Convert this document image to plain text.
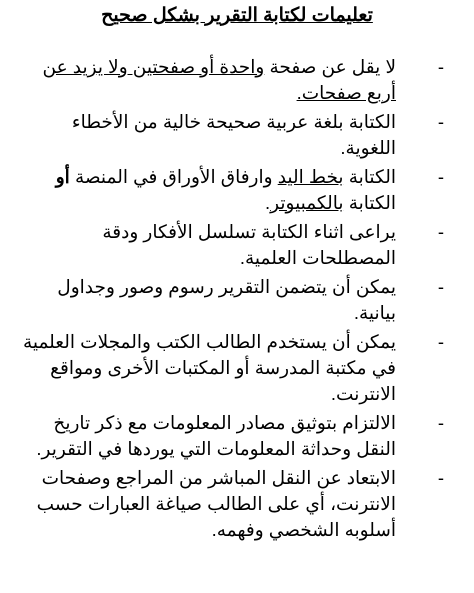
تعليمات لكتابة التقرير بشكل صحيح
-
لا يقل عن صفحة واحدة أو صفحتين ولا يزيد عن أربع صفحات.
-
الكتابة بلغة عربية صحيحة خالية من الأخطاء اللغوية.
-
الكتابة بخط اليد وارفاق الأوراق في المنصة أو الكتابة بالكمبيوتر.
-
يراعى اثناء الكتابة تسلسل الأفكار ودقة المصطلحات العلمية.
-
يمكن أن يتضمن التقرير رسوم وصور وجداول بيانية.
-
يمكن أن يستخدم الطالب الكتب والمجلات العلمية في مكتبة المدرسة أو المكتبات الأخرى ومواقع الانترنت.
-
الالتزام بتوثيق مصادر المعلومات مع ذكر تاريخ النقل وحداثة المعلومات التي يوردها في التقرير.
-
الابتعاد عن النقل المباشر من المراجع وصفحات الانترنت، أي على الطالب صياغة العبارات حسب أسلوبه الشخصي وفهمه.
